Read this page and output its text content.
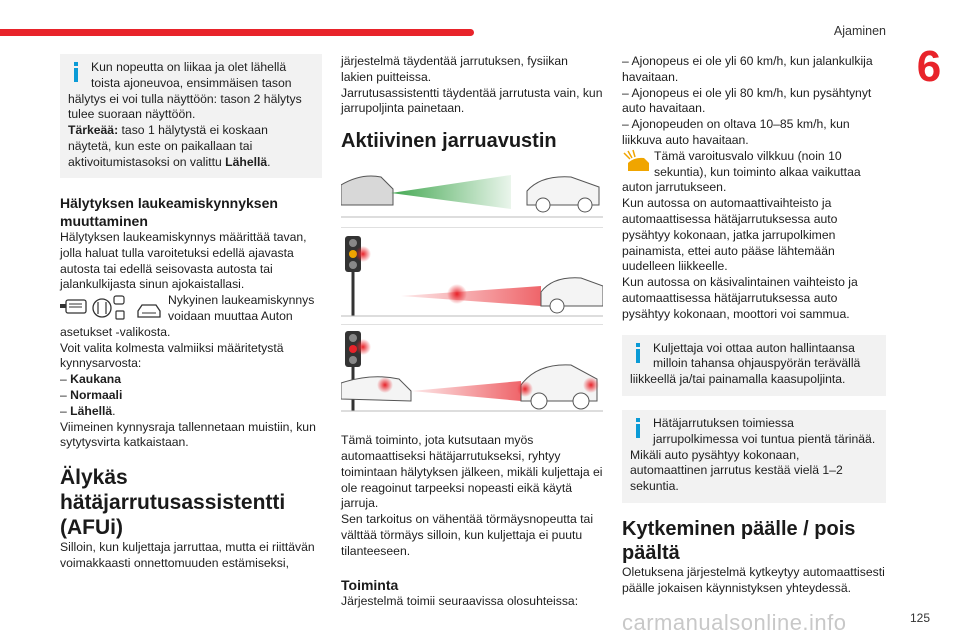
Ajaminen
6

Kun nopeutta on liikaa ja olet lähellä toista ajoneuvoa, ensimmäisen tason

hälytys ei voi tulla näyttöön: tason 2 hälytys tulee suoraan näyttöön.

Tärkeää: taso 1 hälytystä ei koskaan näytetä, kun este on paikallaan tai aktivoitumistasoksi on valittu Lähellä.

Hälytyksen laukeamiskynnyksen muuttaminen

Hälytyksen laukeamiskynnys määrittää tavan, jolla haluat tulla varoitetuksi edellä ajavasta autosta tai edellä seisovasta autosta tai jalankulkijasta sinun ajokaistallasi.

Nykyinen laukeamiskynnys voidaan muuttaa Auton

asetukset -valikosta.

Voit valita kolmesta valmiiksi määritetystä kynnysarvosta:

– Kaukana

– Normaali

– Lähellä.

Viimeinen kynnysraja tallennetaan muistiin, kun sytytysvirta katkaistaan.

Älykäs hätäjarrutusassistentti (AFUi)

Silloin, kun kuljettaja jarruttaa, mutta ei riittävän voimakkaasti onnettomuuden estämiseksi,

järjestelmä täydentää jarrutuksen, fysiikan lakien puitteissa.

Jarrutusassistentti täydentää jarrutusta vain, kun jarrupoljinta painetaan.

Aktiivinen jarruavustin

Tämä toiminto, jota kutsutaan myös automaattiseksi hätäjarrutukseksi, ryhtyy toimintaan hälytyksen jälkeen, mikäli kuljettaja ei ole reagoinut tarpeeksi nopeasti eikä käytä jarruja.

Sen tarkoitus on vähentää törmäysnopeutta tai välttää törmäys silloin, kun kuljettaja ei puutu tilanteeseen.

Toiminta

Järjestelmä toimii seuraavissa olosuhteissa:

– Ajonopeus ei ole yli 60 km/h, kun jalankulkija havaitaan.

– Ajonopeus ei ole yli 80 km/h, kun pysähtynyt auto havaitaan.

– Ajonopeuden on oltava 10–85 km/h, kun liikkuva auto havaitaan.

Tämä varoitusvalo vilkkuu (noin 10 sekuntia), kun toiminto alkaa vaikuttaa

auton jarrutukseen.

Kun autossa on automaattivaihteisto ja automaattisessa hätäjarrutuksessa auto pysähtyy kokonaan, jatka jarrupolkimen painamista, ettei auto pääse lähtemään uudelleen liikkeelle.

Kun autossa on käsivalintainen vaihteisto ja automaattisessa hätäjarrutuksessa auto pysähtyy kokonaan, moottori voi sammua.

Kuljettaja voi ottaa auton hallintaansa milloin tahansa ohjauspyörän terävällä

liikkeellä ja/tai painamalla kaasupoljinta.

Hätäjarrutuksen toimiessa jarrupolkimessa voi tuntua pientä tärinää.

Mikäli auto pysähtyy kokonaan, automaattinen jarrutus kestää vielä 1–2 sekuntia.

Kytkeminen päälle / pois päältä

Oletuksena järjestelmä kytkeytyy automaattisesti päälle jokaisen käynnistyksen yhteydessä.

carmanualsonline.info	125
